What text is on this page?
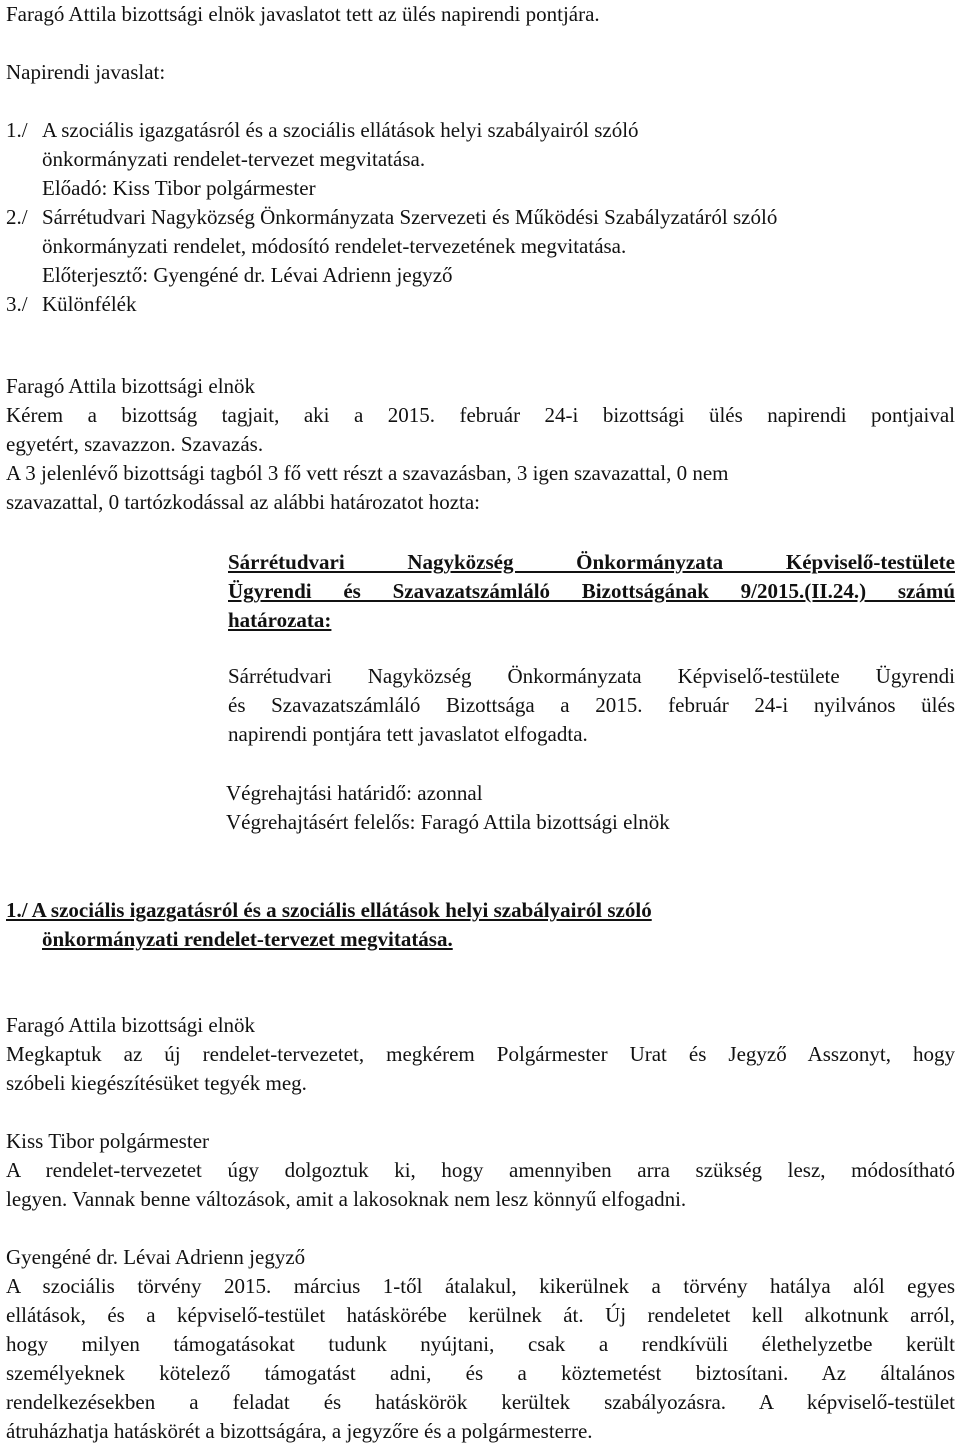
Faragó Attila bizottsági elnök javaslatot tett az ülés napirendi pontjára.
Napirendi javaslat:
1./ A szociális igazgatásról és a szociális ellátások helyi szabályairól szóló
önkormányzati rendelet-tervezet megvitatása.
Előadó: Kiss Tibor polgármester
2./ Sárrétudvari Nagyközség Önkormányzata Szervezeti és Működési Szabályzatáról szóló
önkormányzati rendelet, módosító rendelet-tervezetének megvitatása.
Előterjesztő: Gyengéné dr. Lévai Adrienn jegyző
3./ Különfélék
Faragó Attila bizottsági elnök
Kérem a bizottság tagjait, aki a 2015. február 24-i bizottsági ülés napirendi pontjaival
egyetért, szavazzon. Szavazás.
A 3 jelenlévő bizottsági tagból 3 fő vett részt a szavazásban, 3 igen szavazattal, 0 nem
szavazattal, 0 tartózkodással az alábbi határozatot hozta:
Sárrétudvari Nagyközség Önkormányzata Képviselő-testülete
Ügyrendi és Szavazatszámláló Bizottságának 9/2015.(II.24.) számú
határozata:
Sárrétudvari Nagyközség Önkormányzata Képviselő-testülete Ügyrendi
és Szavazatszámláló Bizottsága a 2015. február 24-i nyilvános ülés
napirendi pontjára tett javaslatot elfogadta.
Végrehajtási határidő: azonnal
Végrehajtásért felelős: Faragó Attila bizottsági elnök
1./ A szociális igazgatásról és a szociális ellátások helyi szabályairól szóló
önkormányzati rendelet-tervezet megvitatása.
Faragó Attila bizottsági elnök
Megkaptuk az új rendelet-tervezetet, megkérem Polgármester Urat és Jegyző Asszonyt, hogy
szóbeli kiegészítésüket tegyék meg.
Kiss Tibor polgármester
A rendelet-tervezetet úgy dolgoztuk ki, hogy amennyiben arra szükség lesz, módosítható
legyen. Vannak benne változások, amit a lakosoknak nem lesz könnyű elfogadni.
Gyengéné dr. Lévai Adrienn jegyző
A szociális törvény 2015. március 1-től átalakul, kikerülnek a törvény hatálya alól egyes
ellátások, és a képviselő-testület hatáskörébe kerülnek át. Új rendeletet kell alkotnunk arról,
hogy milyen támogatásokat tudunk nyújtani, csak a rendkívüli élethelyzetbe került
személyeknek kötelező támogatást adni, és a köztemetést biztosítani. Az általános
rendelkezésekben a feladat és hatáskörök kerültek szabályozásra. A képviselő-testület
átruházhatja hatáskörét a bizottságára, a jegyzőre és a polgármesterre.
